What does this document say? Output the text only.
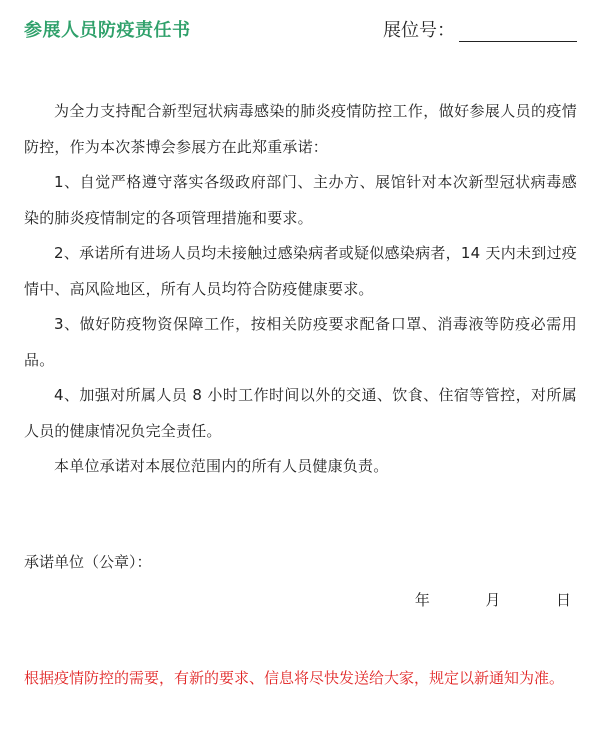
参展人员防疫责任书	展位号：

为全力支持配合新型冠状病毒感染的肺炎疫情防控工作，做好参展人员的疫情防控，作为本次茶博会参展方在此郑重承诺：

1、自觉严格遵守落实各级政府部门、主办方、展馆针对本次新型冠状病毒感染的肺炎疫情制定的各项管理措施和要求。

2、承诺所有进场人员均未接触过感染病者或疑似感染病者，14 天内未到过疫情中、高风险地区，所有人员均符合防疫健康要求。

3、做好防疫物资保障工作，按相关防疫要求配备口罩、消毒液等防疫必需用品。

4、加强对所属人员 8 小时工作时间以外的交通、饮食、住宿等管控，对所属人员的健康情况负完全责任。

本单位承诺对本展位范围内的所有人员健康负责。

承诺单位（公章）：
年	月	日
根据疫情防控的需要，有新的要求、信息将尽快发送给大家，规定以新通知为准。
